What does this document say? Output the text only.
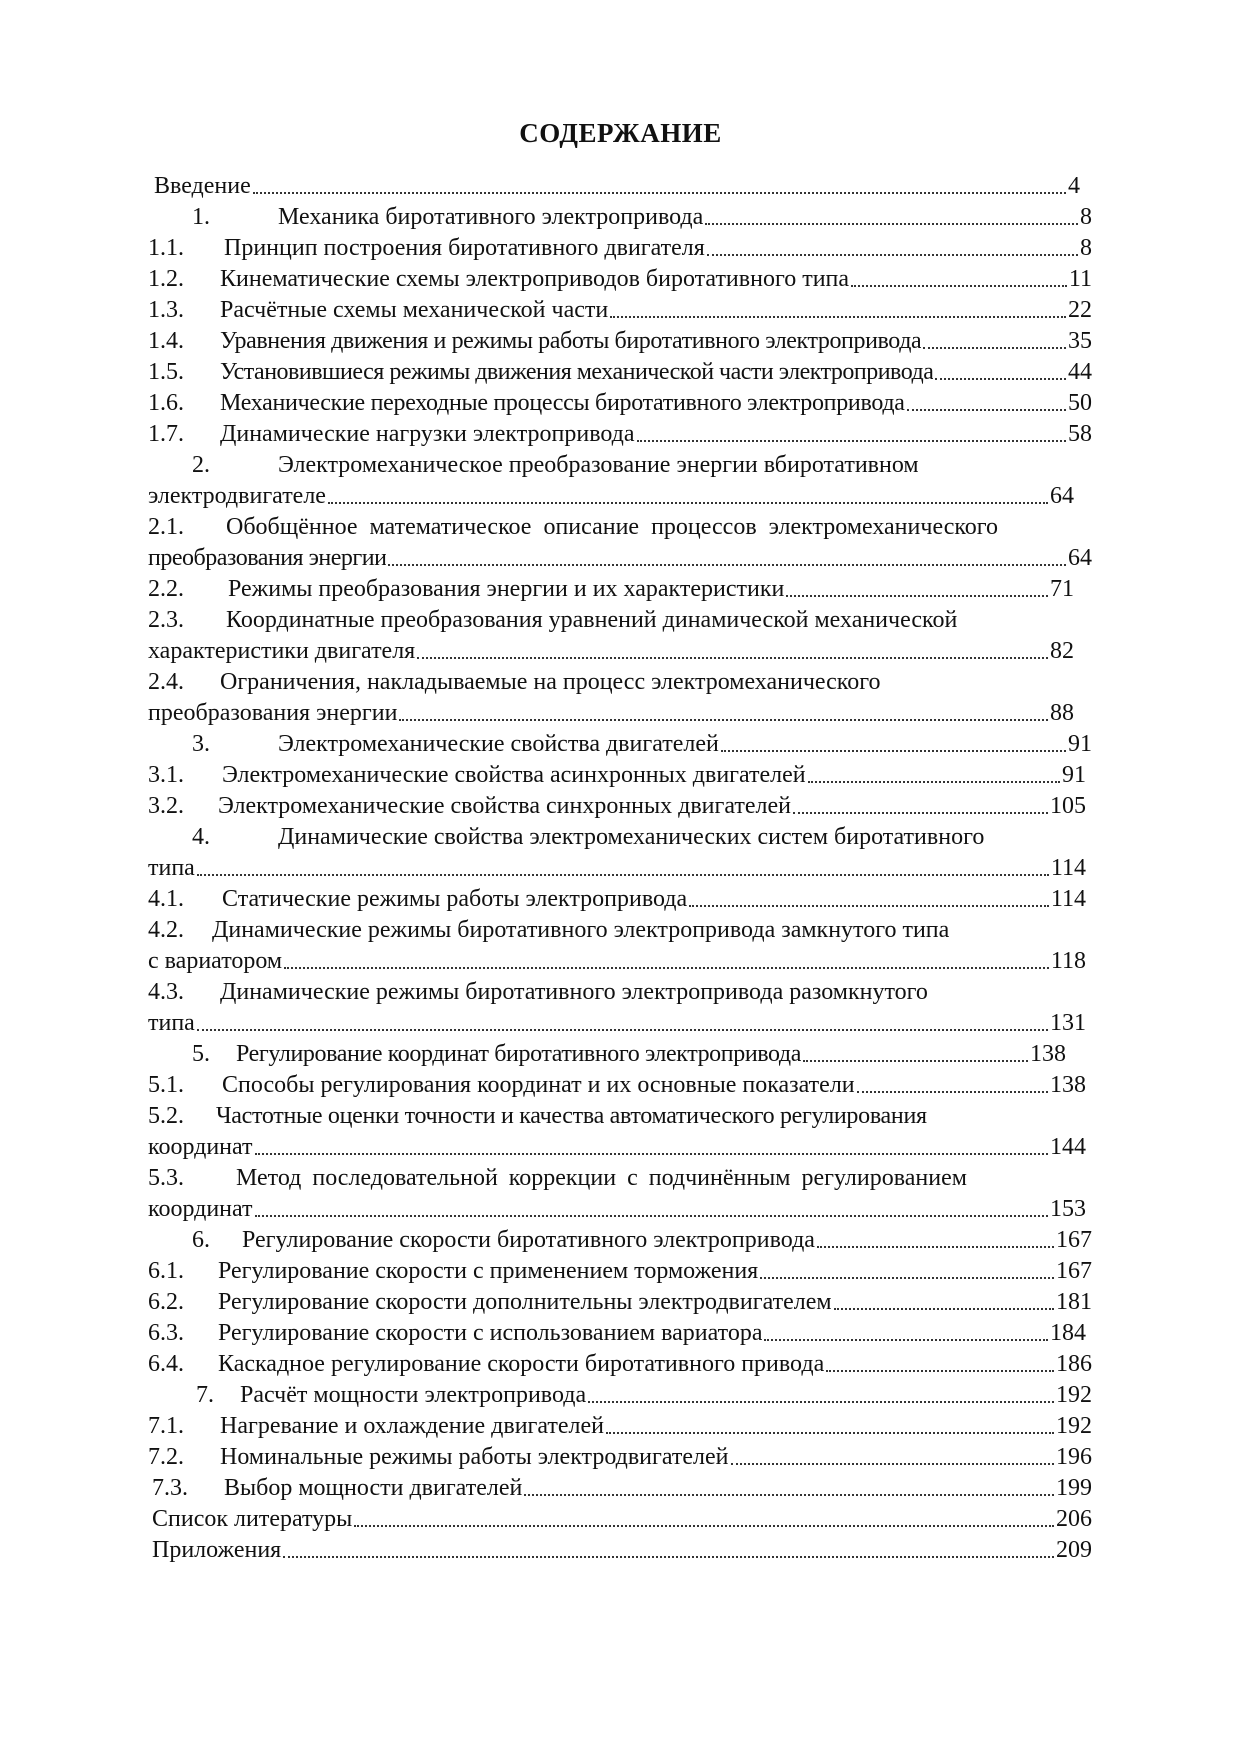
СОДЕРЖАНИЕ
Введение	4
1.	Механика биротативного электропривода	8
1.1.	Принцип построения биротативного двигателя	8
1.2.	Кинематические схемы электроприводов биротативного типа	11
1.3.	Расчётные схемы механической части	22
1.4.	Уравнения движения и режимы работы биротативного электропривода	35
1.5.	Установившиеся режимы движения механической части электропривода	44
1.6.	Механические переходные процессы биротативного электропривода	50
1.7.	Динамические нагрузки электропривода	58
2.	Электромеханическое преобразование энергии вбиротативном
электродвигателе	64
2.1.	Обобщённое математическое описание процессов электромеханического
преобразования энергии	64
2.2.	Режимы преобразования энергии и их характеристики	71
2.3.	Координатные преобразования уравнений динамической механической
характеристики двигателя	82
2.4.	Ограничения, накладываемые на процесс электромеханического
преобразования энергии	88
3.	Электромеханические свойства двигателей	91
3.1.	Электромеханические свойства асинхронных двигателей	91
3.2.	Электромеханические свойства синхронных двигателей	105
4.	Динамические свойства электромеханических систем биротативного
типа	114
4.1.	Статические режимы работы электропривода	114
4.2.	Динамические режимы биротативного электропривода замкнутого типа
с вариатором	118
4.3.	Динамические режимы биротативного электропривода разомкнутого
типа	131
5.	Регулирование координат биротативного электропривода	138
5.1.	Способы регулирования координат и их основные показатели	138
5.2.	Частотные оценки точности и качества автоматического регулирования
координат	144
5.3.	Метод последовательной коррекции с подчинённым регулированием
координат	153
6.	Регулирование скорости биротативного электропривода	167
6.1.	Регулирование скорости с применением торможения	167
6.2.	Регулирование скорости дополнительны электродвигателем	181
6.3.	Регулирование скорости с использованием вариатора	184
6.4.	Каскадное регулирование скорости биротативного привода	186
7.	Расчёт мощности электропривода	192
7.1.	Нагревание и охлаждение двигателей	192
7.2.	Номинальные режимы работы электродвигателей	196
7.3.	Выбор мощности двигателей	199
Список литературы	206
Приложения	209
